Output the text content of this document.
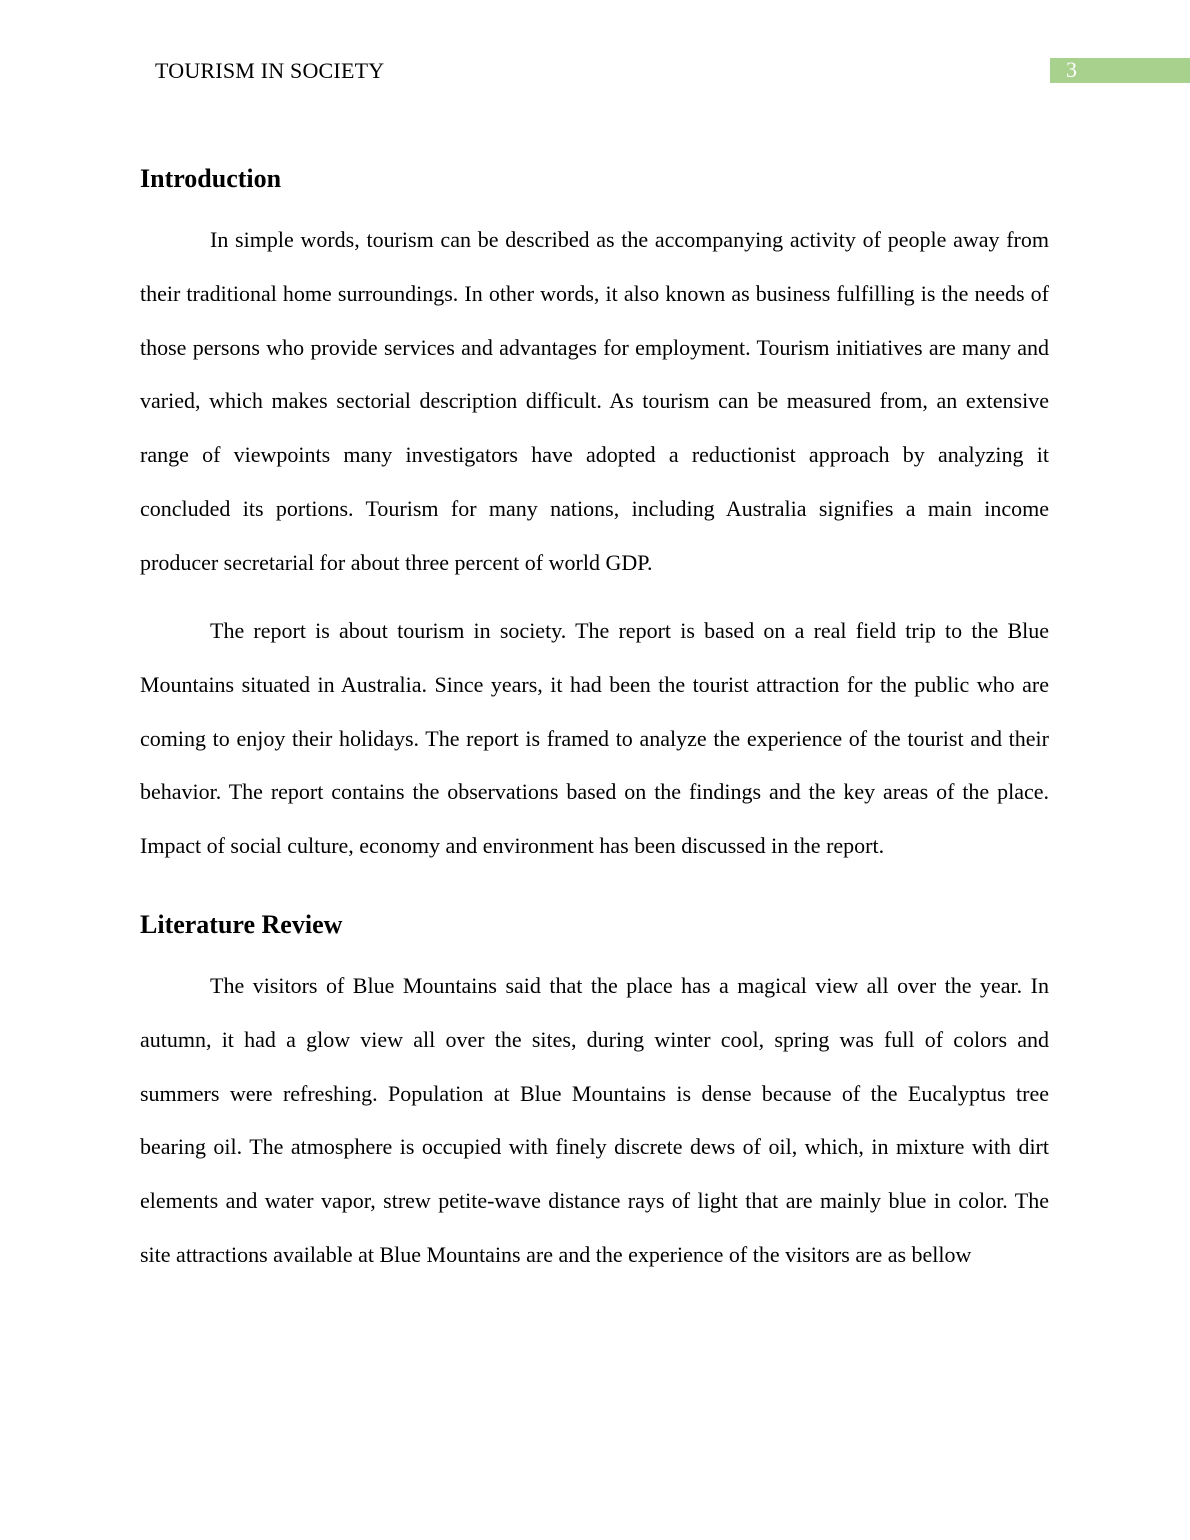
TOURISM IN SOCIETY	3
Introduction

In simple words, tourism can be described as the accompanying activity of people away from their traditional home surroundings. In other words, it also known as business fulfilling is the needs of those persons who provide services and advantages for employment. Tourism initiatives are many and varied, which makes sectorial description difficult. As tourism can be measured from, an extensive range of viewpoints many investigators have adopted a reductionist approach by analyzing it concluded its portions. Tourism for many nations, including Australia signifies a main income producer secretarial for about three percent of world GDP.

The report is about tourism in society. The report is based on a real field trip to the Blue Mountains situated in Australia. Since years, it had been the tourist attraction for the public who are coming to enjoy their holidays. The report is framed to analyze the experience of the tourist and their behavior. The report contains the observations based on the findings and the key areas of the place. Impact of social culture, economy and environment has been discussed in the report.

Literature Review

The visitors of Blue Mountains said that the place has a magical view all over the year. In autumn, it had a glow view all over the sites, during winter cool, spring was full of colors and summers were refreshing. Population at Blue Mountains is dense because of the Eucalyptus tree bearing oil. The atmosphere is occupied with finely discrete dews of oil, which, in mixture with dirt elements and water vapor, strew petite-wave distance rays of light that are mainly blue in color. The site attractions available at Blue Mountains are and the experience of the visitors are as bellow
